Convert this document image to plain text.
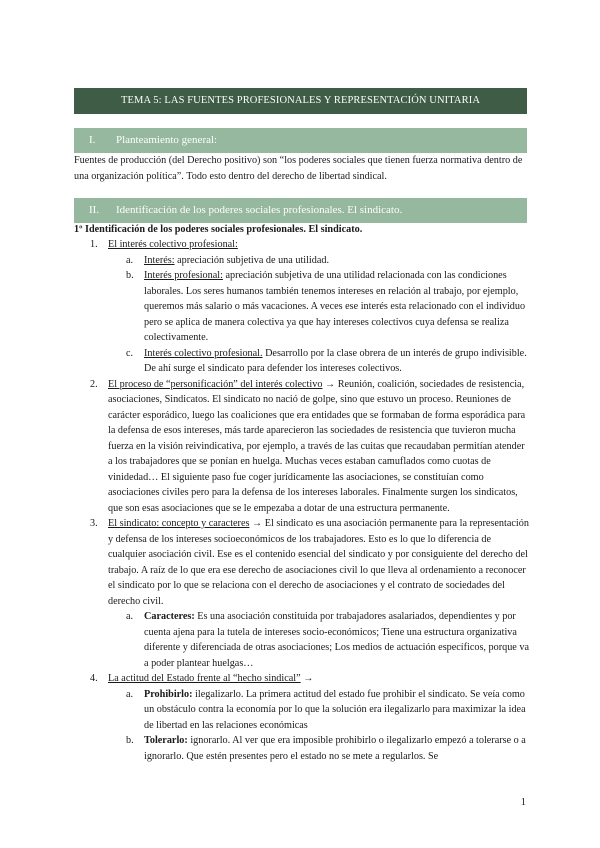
TEMA 5: LAS FUENTES PROFESIONALES Y REPRESENTACIÓN UNITARIA
I. Planteamiento general:
Fuentes de producción (del Derecho positivo) son “los poderes sociales que tienen fuerza normativa dentro de una organización política”. Todo esto dentro del derecho de libertad sindical.
II. Identificación de los poderes sociales profesionales. El sindicato.
1º Identificación de los poderes sociales profesionales. El sindicato.
1. El interés colectivo profesional:
a. Interés: apreciación subjetiva de una utilidad.
b. Interés profesional: apreciación subjetiva de una utilidad relacionada con las condiciones laborales. Los seres humanos también tenemos intereses en relación al trabajo, por ejemplo, queremos más salario o más vacaciones. A veces ese interés esta relacionado con el individuo pero se aplica de manera colectiva ya que hay intereses colectivos cuya defensa se realiza colectivamente.
c. Interés colectivo profesional. Desarrollo por la clase obrera de un interés de grupo indivisible. De ahí surge el sindicato para defender los intereses colectivos.
2. El proceso de “personificación” del interés colectivo → Reunión, coalición, sociedades de resistencia, asociaciones, Sindicatos. El sindicato no nació de golpe, sino que estuvo un proceso. Reuniones de carácter esporádico, luego las coaliciones que era entidades que se formaban de forma esporádica para la defensa de esos intereses, más tarde aparecieron las sociedades de resistencia que tuvieron mucha fuerza en la visión reivindicativa, por ejemplo, a través de las cuitas que recaudaban permitían atender a los trabajadores que se ponían en huelga. Muchas veces estaban camuflados como cuotas de vinidedad… El siguiente paso fue coger jurídicamente las asociaciones, se constituían como asociaciones civiles pero para la defensa de los intereses laborales. Finalmente surgen los sindicatos, que son esas asociaciones que se le empezaba a dotar de una estructura permanente.
3. El sindicato: concepto y caracteres → El sindicato es una asociación permanente para la representación y defensa de los intereses socioeconómicos de los trabajadores. Esto es lo que lo diferencia de cualquier asociación civil. Ese es el contenido esencial del sindicato y por consiguiente del derecho del trabajo. A raíz de lo que era ese derecho de asociaciones civil lo que lleva al ordenamiento a reconocer el sindicato por lo que se relaciona con el derecho de asociaciones y el contrato de sociedades del derecho civil.
a. Caracteres: Es una asociación constituida por trabajadores asalariados, dependientes y por cuenta ajena para la tutela de intereses socio-económicos; Tiene una estructura organizativa diferente y diferenciada de otras asociaciones; Los medios de actuación específicos, porque va a poder plantear huelgas…
4. La actitud del Estado frente al “hecho sindical” →
a. Prohibirlo: ilegalizarlo. La primera actitud del estado fue prohibir el sindicato. Se veía como un obstáculo contra la economía por lo que la solución era ilegalizarlo para maximizar la idea de libertad en las relaciones económicas
b. Tolerarlo: ignorarlo. Al ver que era imposible prohibirlo o ilegalizarlo empezó a tolerarse o a ignorarlo. Que estén presentes pero el estado no se mete a regularlos. Se
1
